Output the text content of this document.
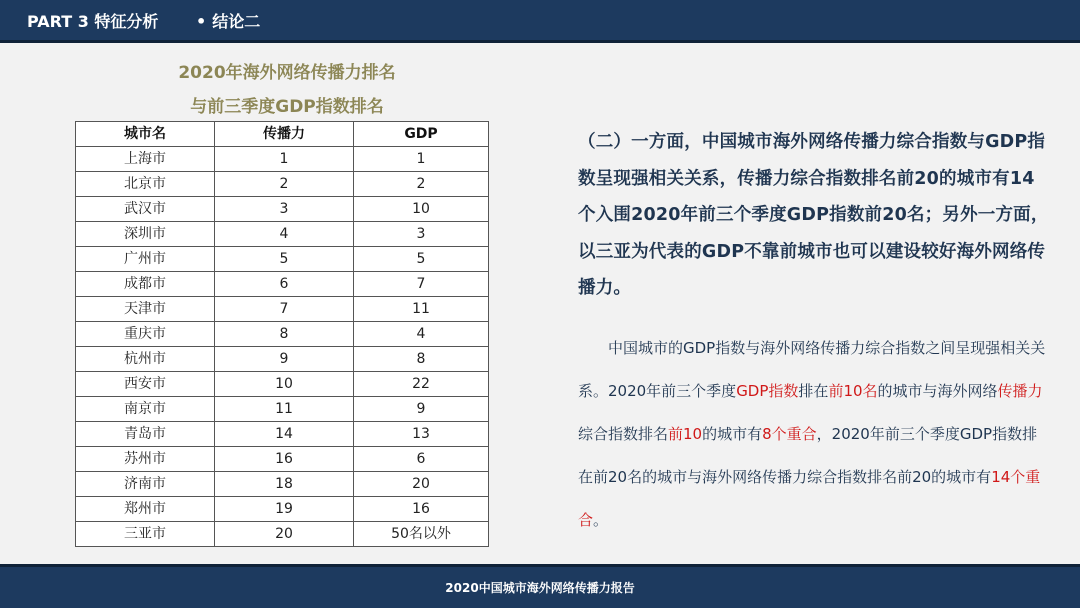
PART 3 特征分析 • 结论二
2020年海外网络传播力排名
与前三季度GDP指数排名
城市名	传播力	GDP
上海市	1	1
北京市	2	2
武汉市	3	10
深圳市	4	3
广州市	5	5
成都市	6	7
天津市	7	11
重庆市	8	4
杭州市	9	8
西安市	10	22
南京市	11	9
青岛市	14	13
苏州市	16	6
济南市	18	20
郑州市	19	16
三亚市	20	50名以外

（二）一方面，中国城市海外网络传播力综合指数与GDP指数呈现强相关关系，传播力综合指数排名前20的城市有14个入围2020年前三个季度GDP指数前20名；另外一方面，以三亚为代表的GDP不靠前城市也可以建设较好海外网络传播力。

中国城市的GDP指数与海外网络传播力综合指数之间呈现强相关关系。2020年前三个季度GDP指数排在前10名的城市与海外网络传播力综合指数排名前10的城市有8个重合，2020年前三个季度GDP指数排在前20名的城市与海外网络传播力综合指数排名前20的城市有14个重合。

2020中国城市海外网络传播力报告
